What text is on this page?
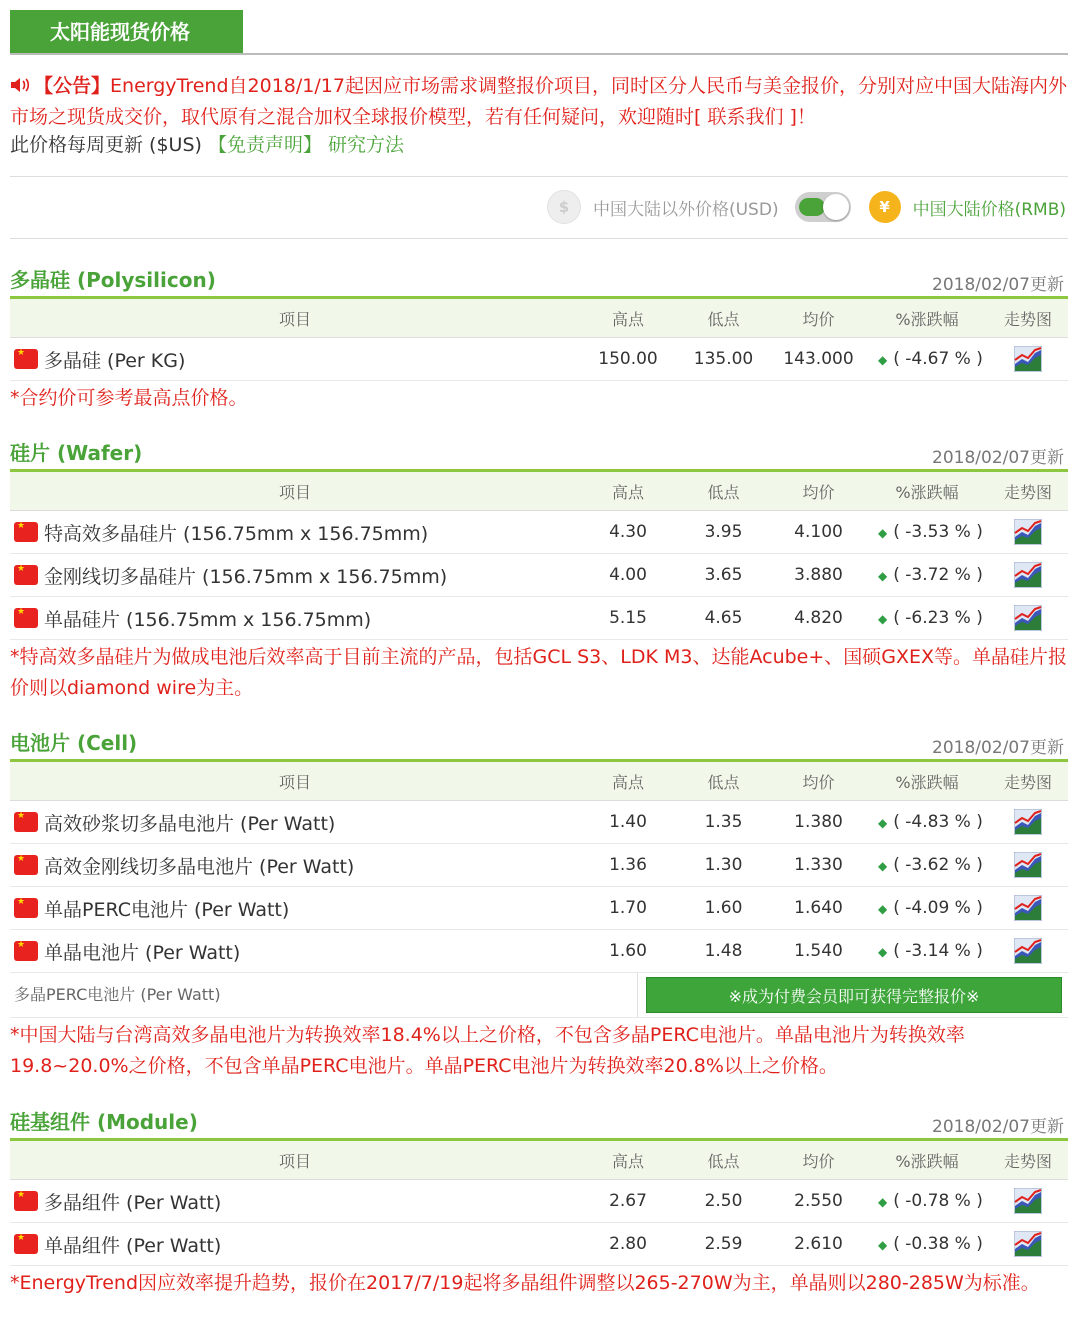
太阳能现货价格
【公告】EnergyTrend自2018/1/17起因应市场需求调整报价项目，同时区分人民币与美金报价，分别对应中国大陆海内外市场之现货成交价，取代原有之混合加权全球报价模型，若有任何疑问，欢迎随时[ 联系我们 ]！
此价格每周更新 ($US) 【免责声明】 研究方法
$	中国大陆以外价格(USD)	¥	中国大陆价格(RMB)
多晶硅 (Polysilicon)	2018/02/07更新
项目	高点	低点	均价	%涨跌幅	走势图
★多晶硅 (Per KG)	150.00	135.00	143.000	◆ ( -4.67 % )	
*合约价可参考最高点价格。
硅片 (Wafer)	2018/02/07更新
项目	高点	低点	均价	%涨跌幅	走势图
★特高效多晶硅片 (156.75mm x 156.75mm)	4.30	3.95	4.100	◆ ( -3.53 % )	
★金刚线切多晶硅片 (156.75mm x 156.75mm)	4.00	3.65	3.880	◆ ( -3.72 % )	
★单晶硅片 (156.75mm x 156.75mm)	5.15	4.65	4.820	◆ ( -6.23 % )	
*特高效多晶硅片为做成电池后效率高于目前主流的产品，包括GCL S3、LDK M3、达能Acube+、国硕GXEX等。单晶硅片报价则以diamond wire为主。
电池片 (Cell)	2018/02/07更新
项目	高点	低点	均价	%涨跌幅	走势图
★高效砂浆切多晶电池片 (Per Watt)	1.40	1.35	1.380	◆ ( -4.83 % )	
★高效金刚线切多晶电池片 (Per Watt)	1.36	1.30	1.330	◆ ( -3.62 % )	
★单晶PERC电池片 (Per Watt)	1.70	1.60	1.640	◆ ( -4.09 % )	
★单晶电池片 (Per Watt)	1.60	1.48	1.540	◆ ( -3.14 % )	
多晶PERC电池片 (Per Watt)	※成为付费会员即可获得完整报价※
*中国大陆与台湾高效多晶电池片为转换效率18.4%以上之价格，不包含多晶PERC电池片。单晶电池片为转换效率19.8~20.0%之价格，不包含单晶PERC电池片。单晶PERC电池片为转换效率20.8%以上之价格。
硅基组件 (Module)	2018/02/07更新
项目	高点	低点	均价	%涨跌幅	走势图
★多晶组件 (Per Watt)	2.67	2.50	2.550	◆ ( -0.78 % )	
★单晶组件 (Per Watt)	2.80	2.59	2.610	◆ ( -0.38 % )	
*EnergyTrend因应效率提升趋势，报价在2017/7/19起将多晶组件调整以265-270W为主，单晶则以280-285W为标准。
